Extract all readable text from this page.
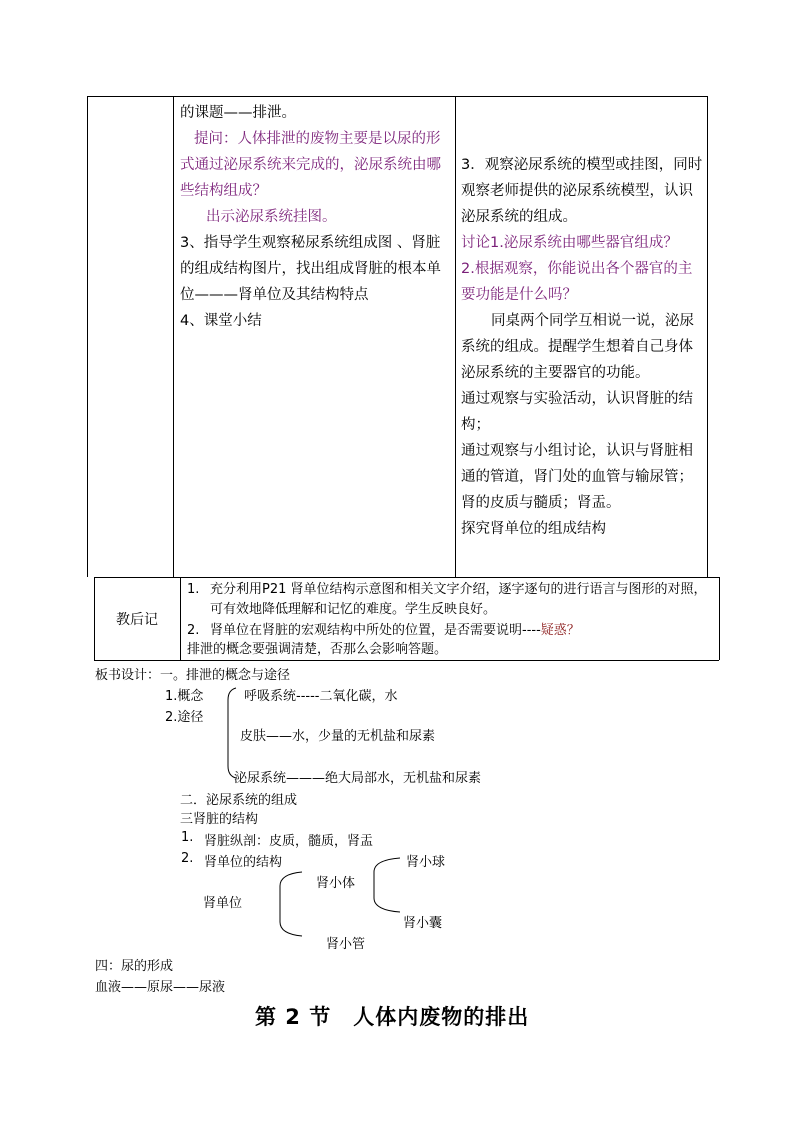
的课题——排泄。
提问：人体排泄的废物主要是以尿的形式通过泌尿系统来完成的，泌尿系统由哪些结构组成？
出示泌尿系统挂图。
3、指导学生观察秘尿系统组成图 、肾脏的组成结构图片，找出组成肾脏的根本单位———肾单位及其结构特点
4、课堂小结
3．观察泌尿系统的模型或挂图，同时观察老师提供的泌尿系统模型，认识泌尿系统的组成。
讨论1.泌尿系统由哪些器官组成？
2.根据观察，你能说出各个器官的主要功能是什么吗？
同桌两个同学互相说一说，泌尿系统的组成。提醒学生想着自己身体泌尿系统的主要器官的功能。
通过观察与实验活动，认识肾脏的结构；
通过观察与小组讨论，认识与肾脏相通的管道，肾门处的血管与输尿管；肾的皮质与髓质；肾盂。
探究肾单位的组成结构
教后记
1. 充分利用P21 肾单位结构示意图和相关文字介绍，逐字逐句的进行语言与图形的对照，可有效地降低理解和记忆的难度。学生反映良好。
2. 肾单位在肾脏的宏观结构中所处的位置，是否需要说明----疑惑？
排泄的概念要强调清楚，否那么会影响答题。
板书设计：一。排泄的概念与途径
1.概念
2.途径
呼吸系统-----二氧化碳，水
皮肤——水，少量的无机盐和尿素
泌尿系统———绝大局部水，无机盐和尿素
二．泌尿系统的组成
三肾脏的结构
1. 肾脏纵剖：皮质，髓质，肾盂
2. 肾单位的结构
肾单位
肾小体
肾小管
肾小球
肾小囊
四：尿的形成
血液——原尿——尿液
第 2 节　人体内废物的排出
